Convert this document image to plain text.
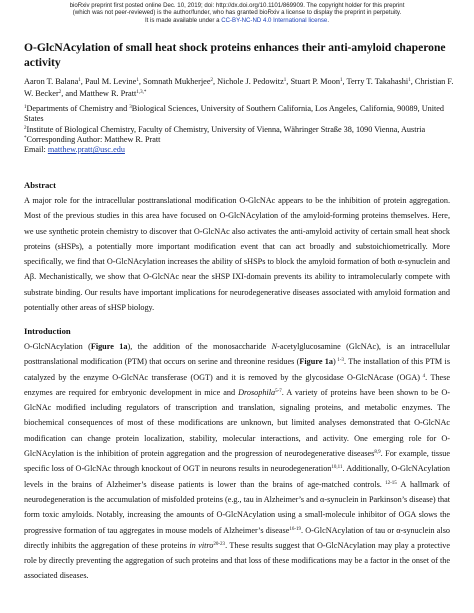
bioRxiv preprint first posted online Dec. 10, 2019; doi: http://dx.doi.org/10.1101/869909. The copyright holder for this preprint
(which was not peer-reviewed) is the author/funder, who has granted bioRxiv a license to display the preprint in perpetuity.
It is made available under a CC-BY-NC-ND 4.0 International license.
O-GlcNAcylation of small heat shock proteins enhances their anti-amyloid chaperone activity
Aaron T. Balana$^1$, Paul M. Levine$^1$, Somnath Mukherjee$^2$, Nichole J. Pedowitz$^1$, Stuart P. Moon$^1$, Terry T. Takahashi$^1$, Christian F. W. Becker$^2$, and Matthew R. Pratt$^{1,3,*}$

$^1$Departments of Chemistry and $^3$Biological Sciences, University of Southern California, Los Angeles, California, 90089, United States

$^2$Institute of Biological Chemistry, Faculty of Chemistry, University of Vienna, Währinger Straße 38, 1090 Vienna, Austria

*Corresponding Author: Matthew R. Pratt

Email: matthew.pratt@usc.edu

Abstract

A major role for the intracellular posttranslational modification O-GlcNAc appears to be the inhibition of protein aggregation. Most of the previous studies in this area have focused on O-GlcNAcylation of the amyloid-forming proteins themselves. Here, we use synthetic protein chemistry to discover that O-GlcNAc also activates the anti-amyloid activity of certain small heat shock proteins (sHSPs), a potentially more important modification event that can act broadly and substoichiometrically. More specifically, we find that O-GlcNAcylation increases the ability of sHSPs to block the amyloid formation of both α-synuclein and Aβ. Mechanistically, we show that O-GlcNAc near the sHSP IXI-domain prevents its ability to intramolecularly compete with substrate binding. Our results have important implications for neurodegenerative diseases associated with amyloid formation and potentially other areas of sHSP biology.

Introduction

O-GlcNAcylation (Figure 1a), the addition of the monosaccharide N-acetylglucosamine (GlcNAc), is an intracellular posttranslational modification (PTM) that occurs on serine and threonine residues (Figure 1a) $^{1-3}$. The installation of this PTM is catalyzed by the enzyme O-GlcNAc transferase (OGT) and it is removed by the glycosidase O-GlcNAcase (OGA) $^4$. These enzymes are required for embryonic development in mice and Drosophila$^{5-7}$. A variety of proteins have been shown to be O-GlcNAc modified including regulators of transcription and translation, signaling proteins, and metabolic enzymes. The biochemical consequences of most of these modifications are unknown, but limited analyses demonstrated that O-GlcNAc modification can change protein localization, stability, molecular interactions, and activity. One emerging role for O-GlcNAcylation is the inhibition of protein aggregation and the progression of neurodegenerative diseases$^{8,9}$. For example, tissue specific loss of O-GlcNAc through knockout of OGT in neurons results in neurodegeneration$^{10,11}$. Additionally, O-GlcNAcylation levels in the brains of Alzheimer’s disease patients is lower than the brains of age-matched controls. $^{12-15}$ A hallmark of neurodegeneration is the accumulation of misfolded proteins (e.g., tau in Alzheimer’s and α-synuclein in Parkinson’s disease) that form toxic amyloids. Notably, increasing the amounts of O-GlcNAcylation using a small-molecule inhibitor of OGA slows the progressive formation of tau aggregates in mouse models of Alzheimer’s disease$^{16-19}$. O-GlcNAcylation of tau or α-synuclein also directly inhibits the aggregation of these proteins in vitro$^{20-23}$. These results suggest that O-GlcNAcylation may play a protective role by directly preventing the aggregation of such proteins and that loss of these modifications may be a factor in the onset of the associated diseases.
